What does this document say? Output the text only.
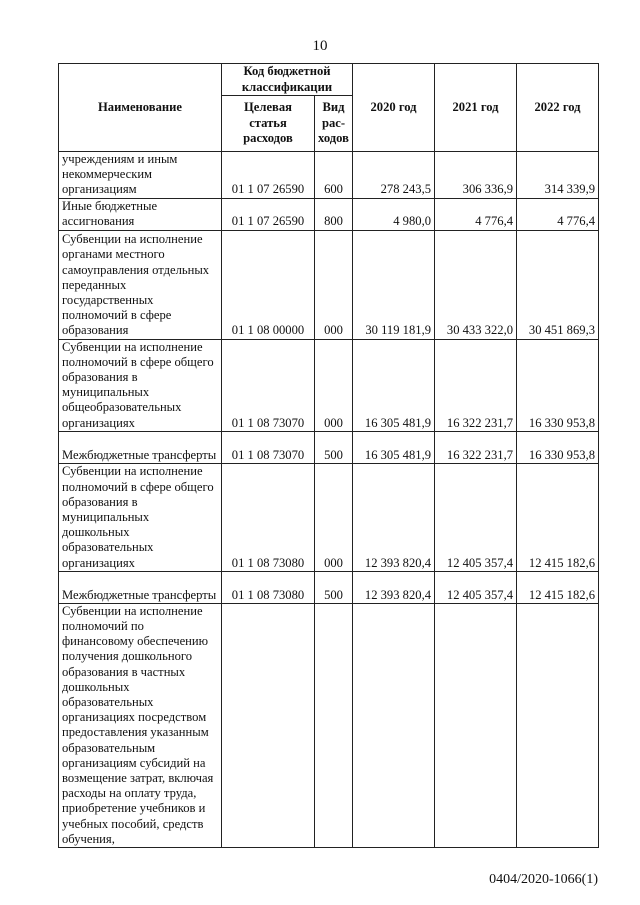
10
Наименование	Код бюджетной классификации		2020 год	2021 год	2022 год
	Целевая статья расходов	Вид рас-ходов			
учреждениям и иным некоммерческим организациям	01 1 07 26590	600	278 243,5	306 336,9	314 339,9
Иные бюджетные ассигнования	01 1 07 26590	800	4 980,0	4 776,4	4 776,4
Субвенции на исполнение органами местного самоуправления отдельных переданных государственных полномочий в сфере образования	01 1 08 00000	000	30 119 181,9	30 433 322,0	30 451 869,3
Субвенции на исполнение полномочий в сфере общего образования в муниципальных общеобразовательных организациях	01 1 08 73070	000	16 305 481,9	16 322 231,7	16 330 953,8
Межбюджетные трансферты	01 1 08 73070	500	16 305 481,9	16 322 231,7	16 330 953,8
Субвенции на исполнение полномочий в сфере общего образования в муниципальных дошкольных образовательных организациях	01 1 08 73080	000	12 393 820,4	12 405 357,4	12 415 182,6
Межбюджетные трансферты	01 1 08 73080	500	12 393 820,4	12 405 357,4	12 415 182,6
Субвенции на исполнение полномочий по финансовому обеспечению получения дошкольного образования в частных дошкольных образовательных организациях посредством предоставления указанным образовательным организациям субсидий на возмещение затрат, включая расходы на оплату труда, приобретение учебников и учебных пособий, средств обучения,					
0404/2020-1066(1)
